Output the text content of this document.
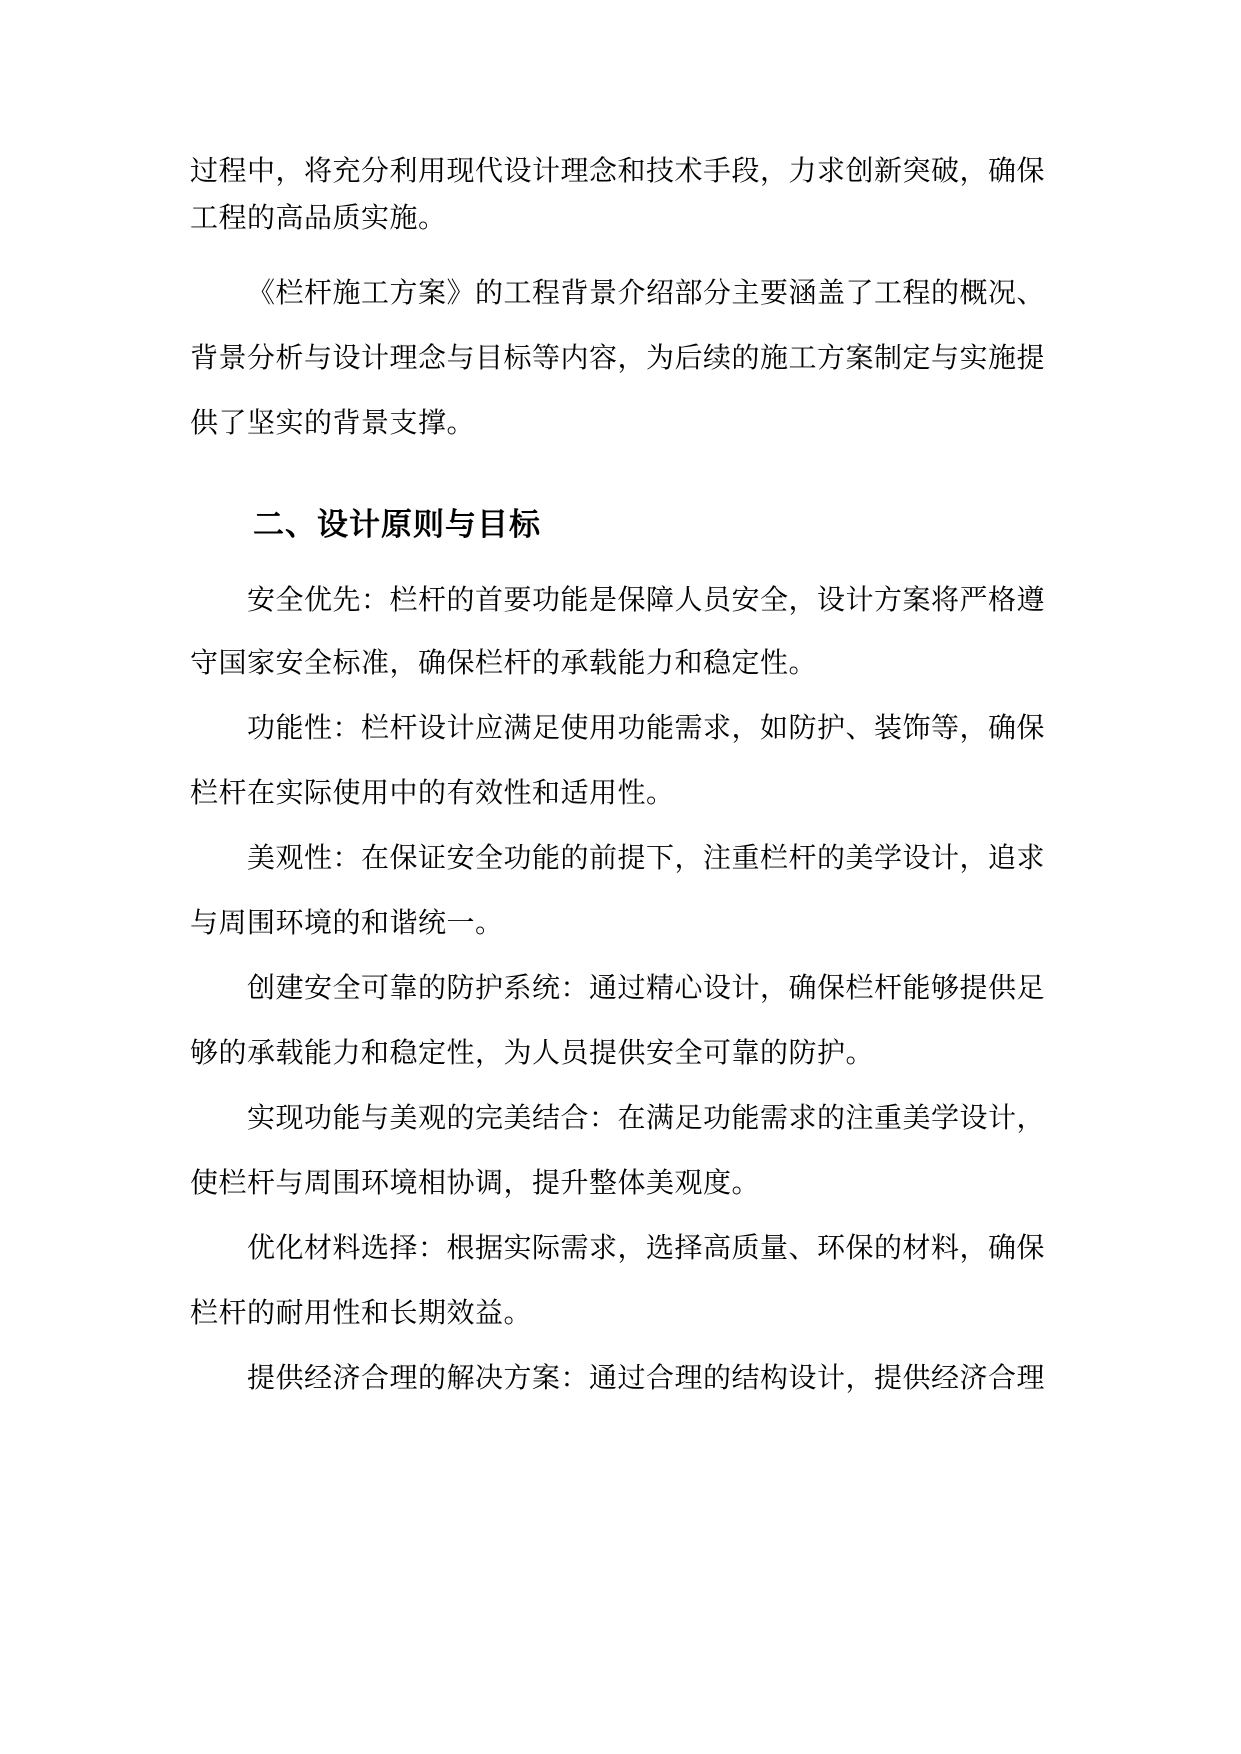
过程中，将充分利用现代设计理念和技术手段，力求创新突破，确保
工程的高品质实施。
《栏杆施工方案》的工程背景介绍部分主要涵盖了工程的概况、
背景分析与设计理念与目标等内容，为后续的施工方案制定与实施提
供了坚实的背景支撑。
二、设计原则与目标
安全优先：栏杆的首要功能是保障人员安全，设计方案将严格遵
守国家安全标准，确保栏杆的承载能力和稳定性。
功能性：栏杆设计应满足使用功能需求，如防护、装饰等，确保
栏杆在实际使用中的有效性和适用性。
美观性：在保证安全功能的前提下，注重栏杆的美学设计，追求
与周围环境的和谐统一。
创建安全可靠的防护系统：通过精心设计，确保栏杆能够提供足
够的承载能力和稳定性，为人员提供安全可靠的防护。
实现功能与美观的完美结合：在满足功能需求的注重美学设计，
使栏杆与周围环境相协调，提升整体美观度。
优化材料选择：根据实际需求，选择高质量、环保的材料，确保
栏杆的耐用性和长期效益。
提供经济合理的解决方案：通过合理的结构设计，提供经济合理
